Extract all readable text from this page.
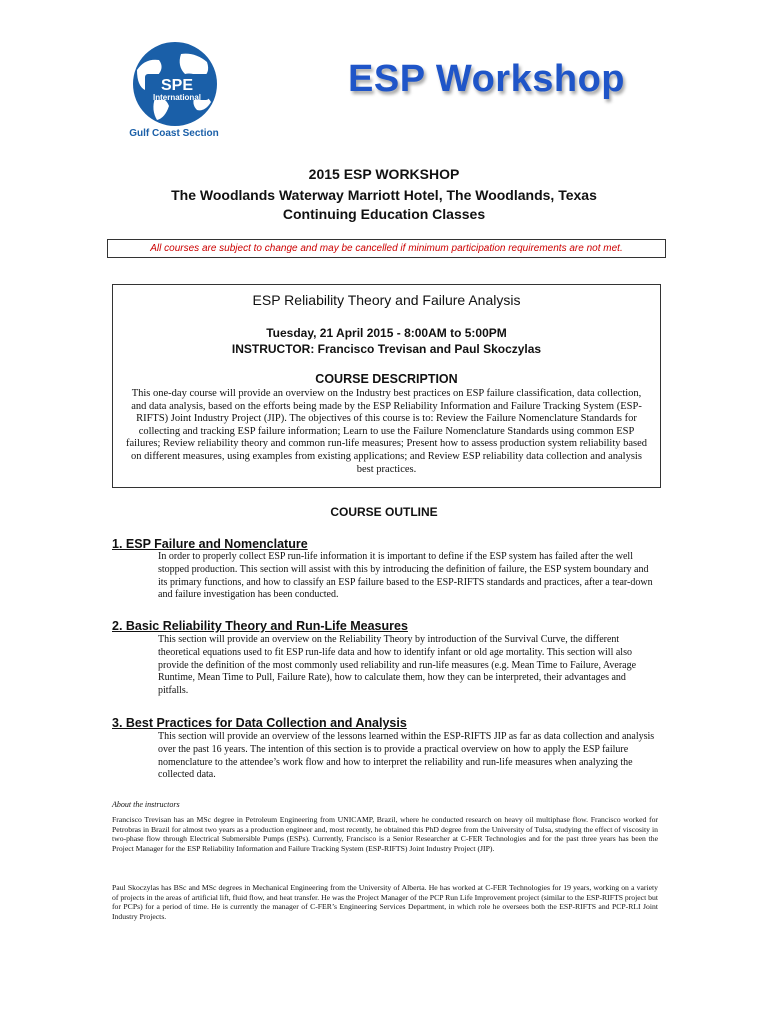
SPE
International
Gulf Coast Section
ESP Workshop
2015 ESP WORKSHOP
The Woodlands Waterway Marriott Hotel, The Woodlands, Texas
Continuing Education Classes
All courses are subject to change and may be cancelled if minimum participation requirements are not met.
ESP Reliability Theory and Failure Analysis
Tuesday, 21 April 2015 - 8:00AM to 5:00PM
INSTRUCTOR: Francisco Trevisan and Paul Skoczylas
COURSE DESCRIPTION
This one-day course will provide an overview on the Industry best practices on ESP failure classification, data collection, and data analysis, based on the efforts being made by the ESP Reliability Information and Failure Tracking System (ESP-RIFTS) Joint Industry Project (JIP). The objectives of this course is to: Review the Failure Nomenclature Standards for collecting and tracking ESP failure information; Learn to use the Failure Nomenclature Standards using common ESP failures; Review reliability theory and common run-life measures; Present how to assess production system reliability based on different measures, using examples from existing applications; and Review ESP reliability data collection and analysis best practices.
COURSE OUTLINE
1. ESP Failure and Nomenclature
In order to properly collect ESP run-life information it is important to define if the ESP system has failed after the well stopped production. This section will assist with this by introducing the definition of failure, the ESP system boundary and its primary functions, and how to classify an ESP failure based to the ESP-RIFTS standards and practices, after a tear-down and failure investigation has been conducted.
2. Basic Reliability Theory and Run-Life Measures
This section will provide an overview on the Reliability Theory by introduction of the Survival Curve, the different theoretical equations used to fit ESP run-life data and how to identify infant or old age mortality. This section will also provide the definition of the most commonly used reliability and run-life measures (e.g. Mean Time to Failure, Average Runtime, Mean Time to Pull, Failure Rate), how to calculate them, how they can be interpreted, their advantages and pitfalls.
3. Best Practices for Data Collection and Analysis
This section will provide an overview of the lessons learned within the ESP-RIFTS JIP as far as data collection and analysis over the past 16 years. The intention of this section is to provide a practical overview on how to apply the ESP failure nomenclature to the attendee’s work flow and how to interpret the reliability and run-life measures when analyzing the collected data.
About the instructors
Francisco Trevisan has an MSc degree in Petroleum Engineering from UNICAMP, Brazil, where he conducted research on heavy oil multiphase flow. Francisco worked for Petrobras in Brazil for almost two years as a production engineer and, most recently, he obtained this PhD degree from the University of Tulsa, studying the effect of viscosity in two-phase flow through Electrical Submersible Pumps (ESPs). Currently, Francisco is a Senior Researcher at C-FER Technologies and for the past three years has been the Project Manager for the ESP Reliability Information and Failure Tracking System (ESP-RIFTS) Joint Industry Project (JIP).
Paul Skoczylas has BSc and MSc degrees in Mechanical Engineering from the University of Alberta. He has worked at C-FER Technologies for 19 years, working on a variety of projects in the areas of artificial lift, fluid flow, and heat transfer. He was the Project Manager of the PCP Run Life Improvement project (similar to the ESP-RIFTS project but for PCPs) for a period of time. He is currently the manager of C-FER’s Engineering Services Department, in which role he oversees both the ESP-RIFTS and PCP-RLI Joint Industry Projects.
